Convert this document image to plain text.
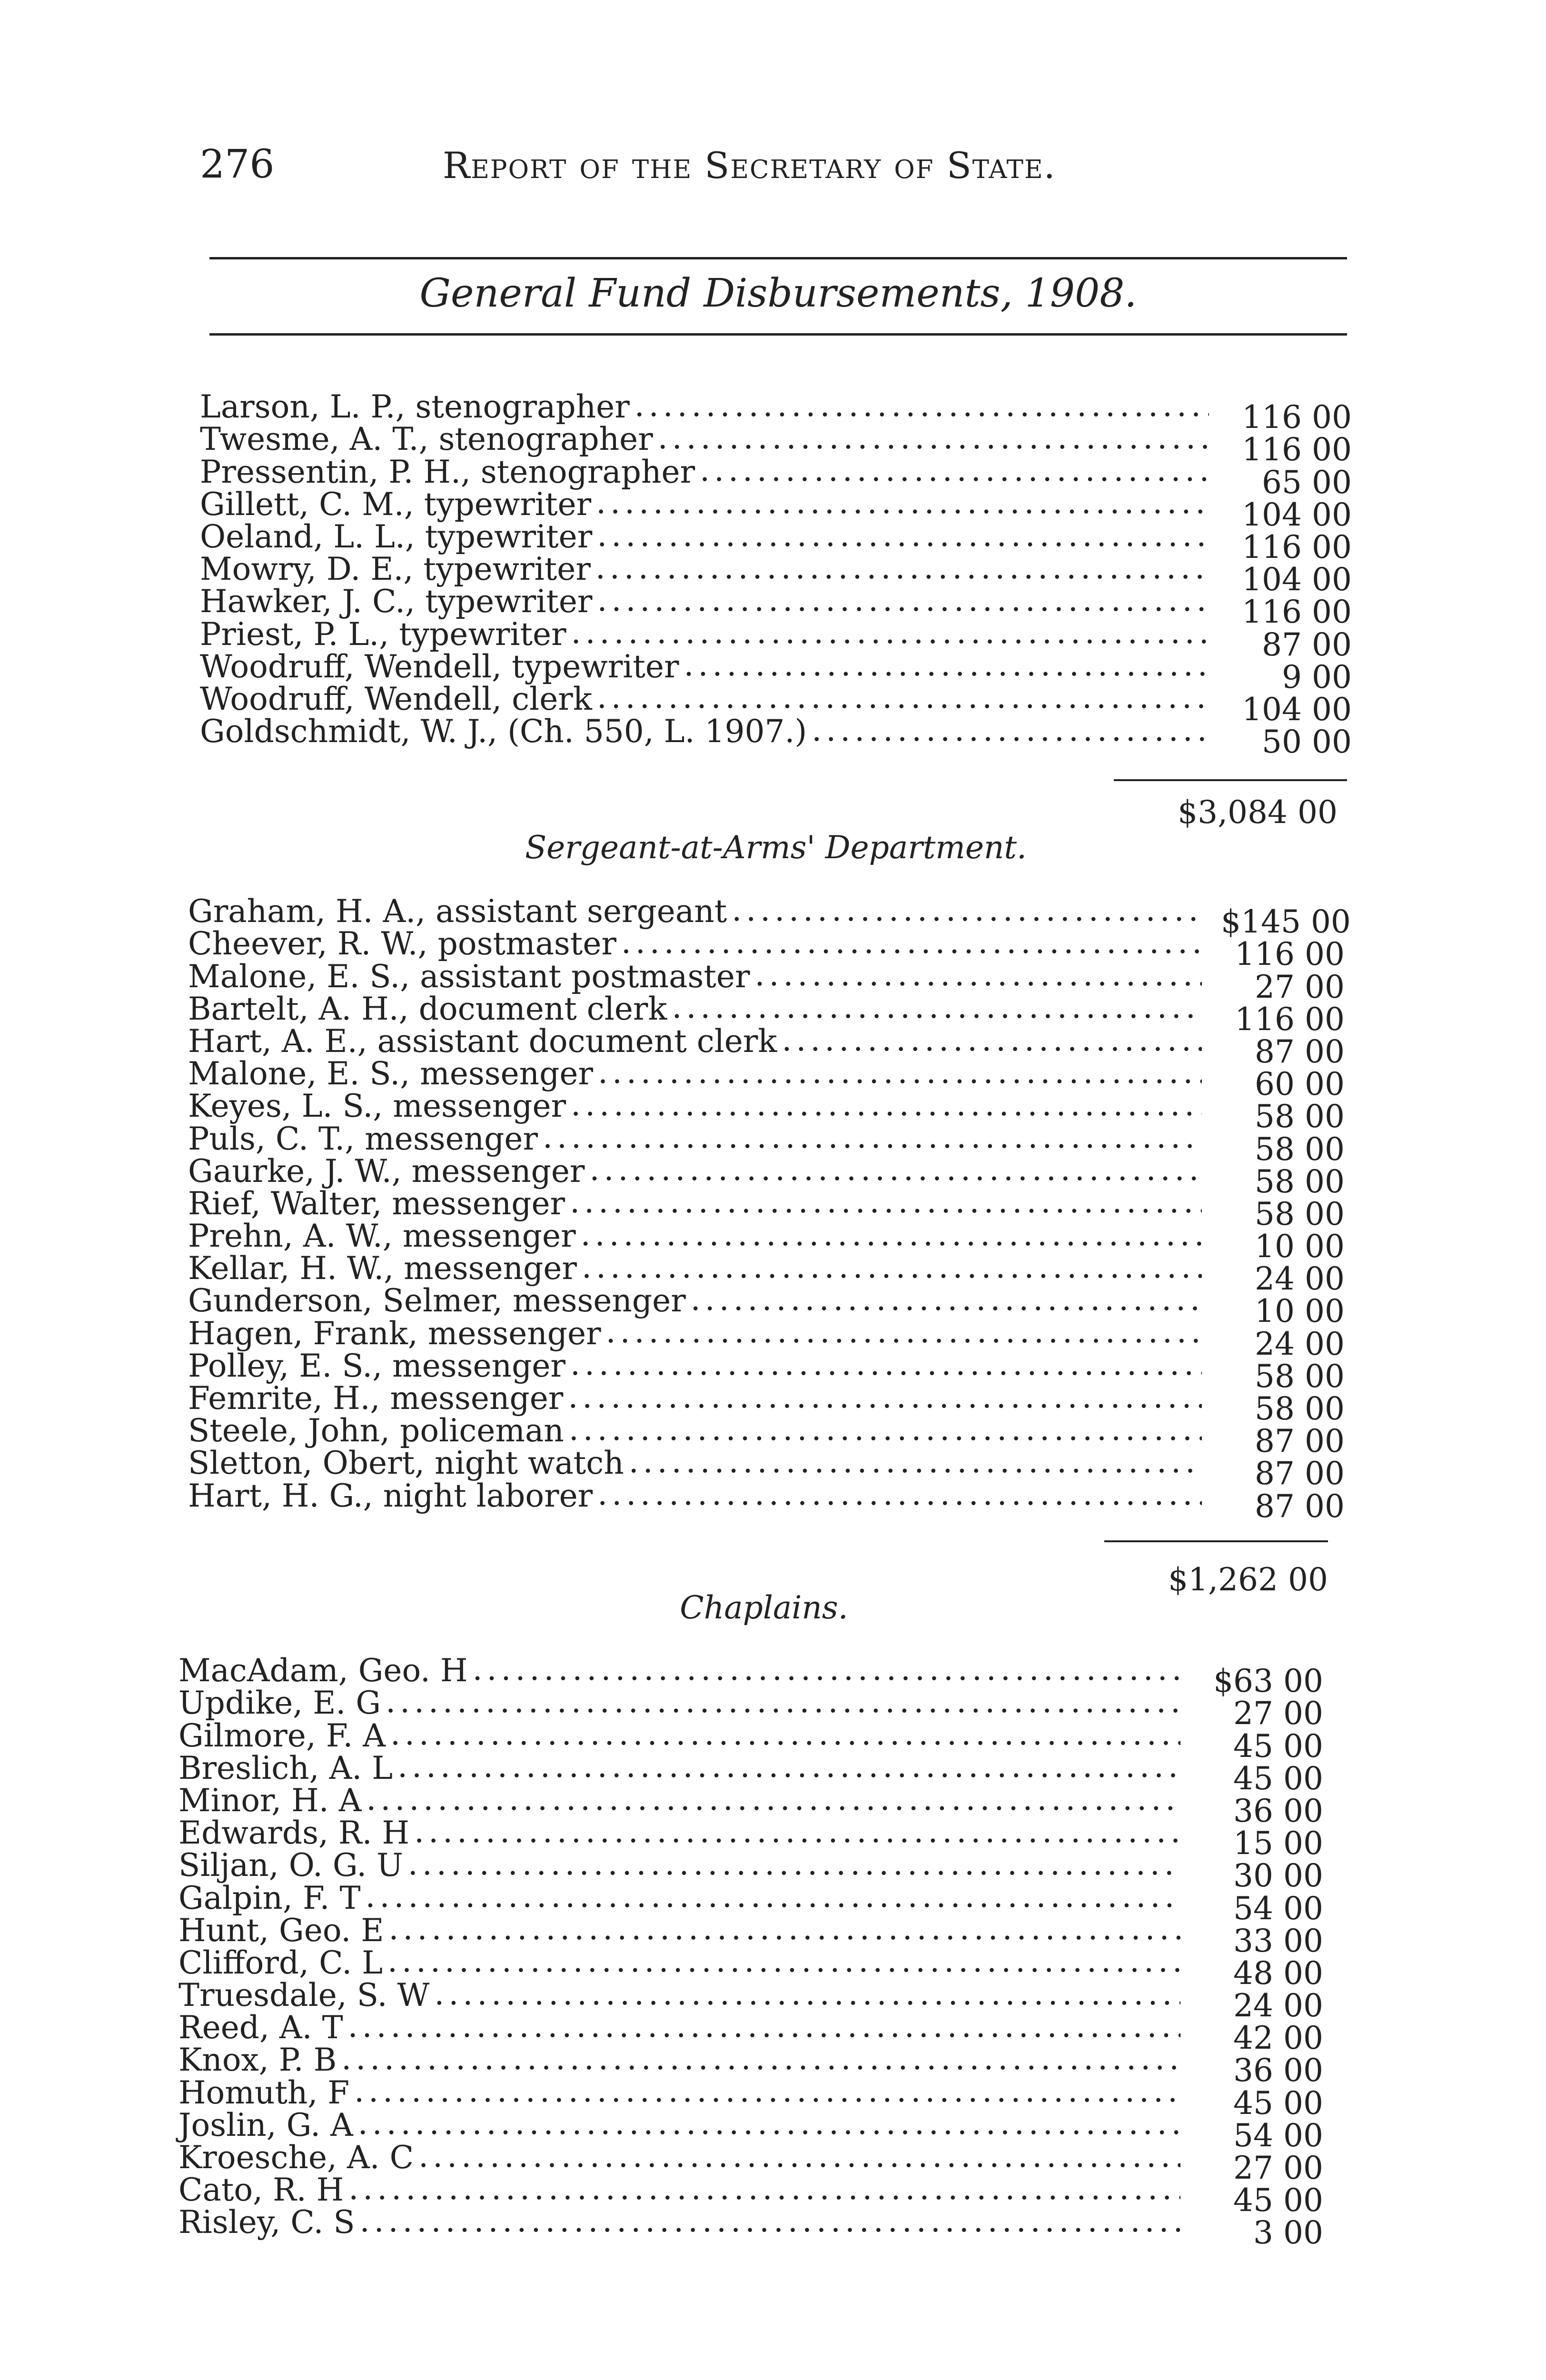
276	Report of the Secretary of State.
General Fund Disbursements, 1908.
Larson, L. P., stenographer .....	116 00
Twesme, A. T., stenographer .....	116 00
Pressentin, P. H., stenographer .....	65 00
Gillett, C. M., typewriter .....	104 00
Oeland, L. L., typewriter .....	116 00
Mowry, D. E., typewriter .....	104 00
Hawker, J. C., typewriter .....	116 00
Priest, P. L., typewriter .....	87 00
Woodruff, Wendell, typewriter .....	9 00
Woodruff, Wendell, clerk .....	104 00
Goldschmidt, W. J., (Ch. 550, L. 1907.) .....	50 00
$3,084 00
Sergeant-at-Arms' Department.
Graham, H. A., assistant sergeant .....	$145 00
Cheever, R. W., postmaster .....	116 00
Malone, E. S., assistant postmaster .....	27 00
Bartelt, A. H., document clerk .....	116 00
Hart, A. E., assistant document clerk .....	87 00
Malone, E. S., messenger .....	60 00
Keyes, L. S., messenger .....	58 00
Puls, C. T., messenger .....	58 00
Gaurke, J. W., messenger .....	58 00
Rief, Walter, messenger .....	58 00
Prehn, A. W., messenger .....	10 00
Kellar, H. W., messenger .....	24 00
Gunderson, Selmer, messenger .....	10 00
Hagen, Frank, messenger .....	24 00
Polley, E. S., messenger .....	58 00
Femrite, H., messenger .....	58 00
Steele, John, policeman .....	87 00
Sletton, Obert, night watch .....	87 00
Hart, H. G., night laborer .....	87 00
$1,262 00
Chaplains.
MacAdam, Geo. H .....	$63 00
Updike, E. G .....	27 00
Gilmore, F. A .....	45 00
Breslich, A. L .....	45 00
Minor, H. A .....	36 00
Edwards, R. H .....	15 00
Siljan, O. G. U .....	30 00
Galpin, F. T .....	54 00
Hunt, Geo. E .....	33 00
Clifford, C. L .....	48 00
Truesdale, S. W .....	24 00
Reed, A. T .....	42 00
Knox, P. B .....	36 00
Homuth, F .....	45 00
Joslin, G. A .....	54 00
Kroesche, A. C .....	27 00
Cato, R. H .....	45 00
Risley, C. S .....	3 00
